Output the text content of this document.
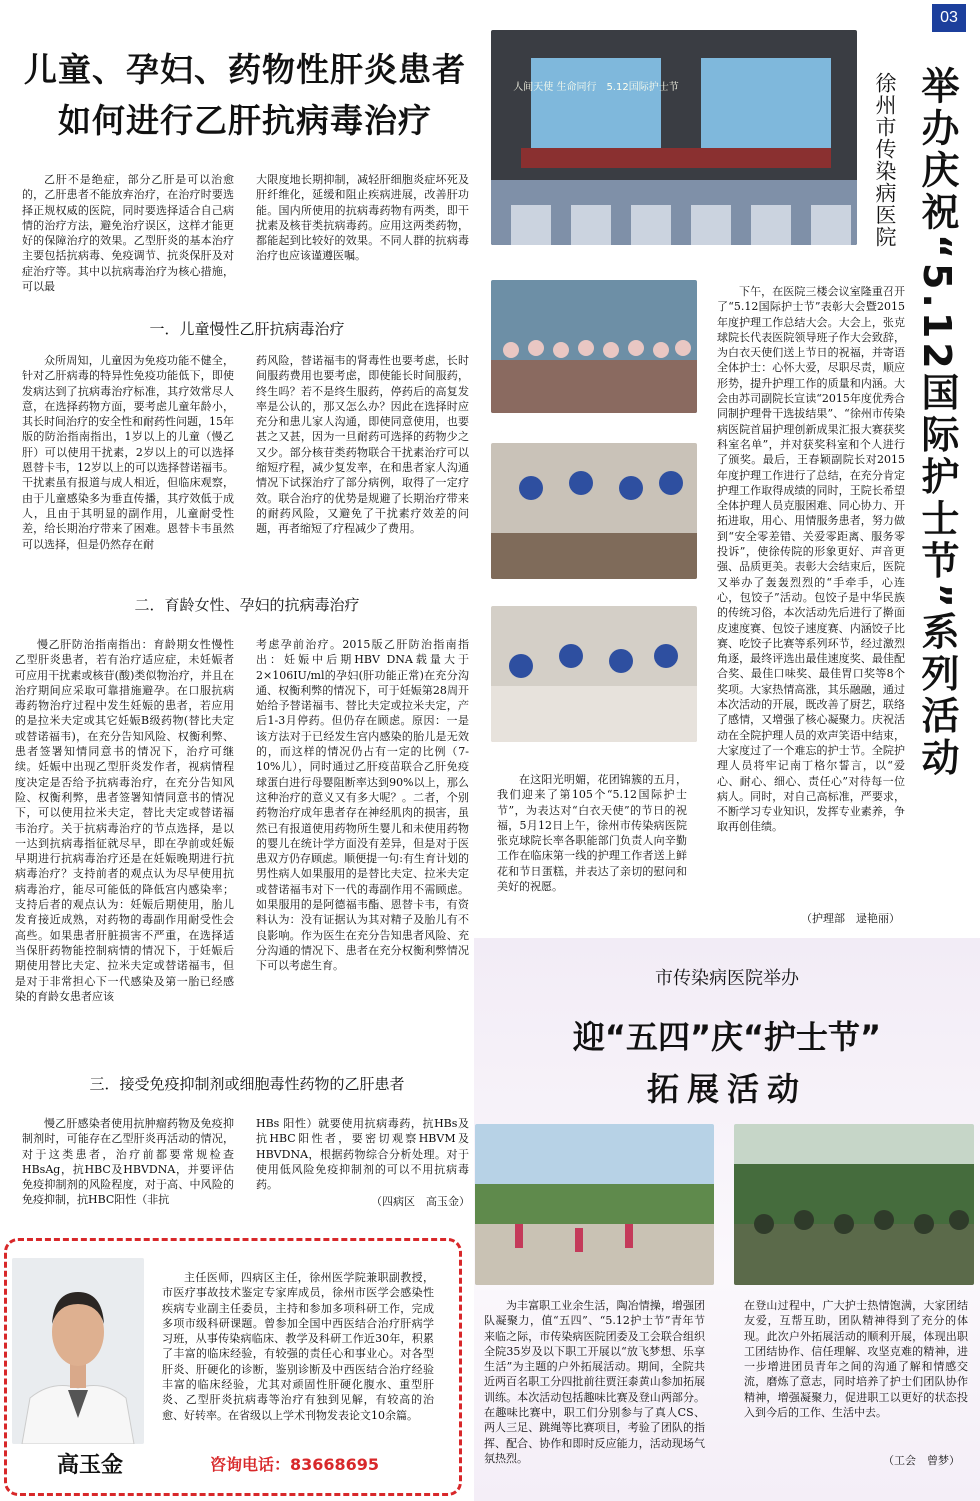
03
儿童、孕妇、药物性肝炎患者
如何进行乙肝抗病毒治疗
乙肝不是绝症，部分乙肝是可以治愈的，乙肝患者不能放弃治疗，在治疗时要选择正规权威的医院，同时要选择适合自己病情的治疗方法，避免治疗误区，这样才能更好的保障治疗的效果。乙型肝炎的基本治疗主要包括抗病毒、免疫调节、抗炎保肝及对症治疗等。其中以抗病毒治疗为核心措施，可以最
大限度地长期抑制，减轻肝细胞炎症坏死及肝纤维化，延缓和阻止疾病进展，改善肝功能。国内所使用的抗病毒药物有两类，即干扰素及核苷类抗病毒药。应用这两类药物，都能起到比较好的效果。不同人群的抗病毒治疗也应该谨遵医嘱。
一．儿童慢性乙肝抗病毒治疗
众所周知，儿童因为免疫功能不健全，针对乙肝病毒的特异性免疫功能低下，即使发病达到了抗病毒治疗标准，其疗效常尽人意，在选择药物方面，要考虑儿童年龄小，其长时间治疗的安全性和耐药性问题，15年版的防治指南指出，1岁以上的儿童（慢乙肝）可以使用干扰素，2岁以上的可以选择恩替卡韦，12岁以上的可以选择替诺福韦。干扰素虽有报道与成人相近，但临床观察，由于儿童感染多为垂直传播，其疗效低于成人，且由于其明显的副作用，儿童耐受性差，给长期治疗带来了困难。恩替卡韦虽然可以选择，但是仍然存在耐
药风险，替诺福韦的肾毒性也要考虑，长时间服药费用也要考虑，即使能长时间服药，终生吗？若不是终生服药，停药后的高复发率是公认的，那又怎么办？因此在选择时应充分和患儿家人沟通，即使同意使用，也要甚之又甚，因为一旦耐药可选择的药物少之又少。部分核苷类药物联合干扰素治疗可以缩短疗程，减少复发率，在和患者家人沟通情况下试探治疗了部分病例，取得了一定疗效。联合治疗的优势是规避了长期治疗带来的耐药风险，又避免了干扰素疗效差的问题，再者缩短了疗程减少了费用。
二．育龄女性、孕妇的抗病毒治疗
慢乙肝防治指南指出：育龄期女性慢性乙型肝炎患者，若有治疗适应症，未妊娠者可应用干扰素或核苷(酸)类似物治疗，并且在治疗期间应采取可靠措施避孕。在口服抗病毒药物治疗过程中发生妊娠的患者，若应用的是拉米夫定或其它妊娠B级药物(替比夫定或替诺福韦)，在充分告知风险、权衡利弊、患者签署知情同意书的情况下，治疗可继续。妊娠中出现乙型肝炎发作者，视病情程度决定是否给予抗病毒治疗，在充分告知风险、权衡利弊，患者签署知情同意书的情况下，可以使用拉米夫定，替比夫定或替诺福韦治疗。关于抗病毒治疗的节点选择，是以一达到抗病毒指征就尽早，即在孕前或妊娠早期进行抗病毒治疗还是在妊娠晚期进行抗病毒治疗？支持前者的观点认为尽早使用抗病毒治疗，能尽可能低的降低宫内感染率；支持后者的观点认为：妊娠后期使用，胎儿发育接近成熟，对药物的毒副作用耐受性会高些。如果患者肝脏损害不严重，在选择适当保肝药物能控制病情的情况下，于妊娠后期使用替比夫定、拉米夫定或替诺福韦，但是对于非常担心下一代感染及第一胎已经感染的育龄女患者应该
考虑孕前治疗。2015版乙肝防治指南指出：妊娠中后期HBV DNA载量大于2×106IU/ml的孕妇(肝功能正常)在充分沟通、权衡利弊的情况下，可于妊娠第28周开始给予替诺福韦、替比夫定或拉米夫定，产后1-3月停药。但仍存在顾虑。原因：一是该方法对于已经发生宫内感染的胎儿是无效的，而这样的情况仍占有一定的比例（7-10%儿），同时通过乙肝疫苗联合乙肝免疫球蛋白进行母婴阻断率达到90%以上，那么这种治疗的意义又有多大呢？。二者，个别药物治疗成年患者存在神经肌肉的损害，虽然已有报道使用药物所生婴儿和未使用药物的婴儿在统计学方面没有差异，但是对于医患双方仍存顾虑。顺便提一句:有生育计划的男性病人如果服用的是替比夫定、拉米夫定或替诺福韦对下一代的毒副作用不需顾虑。如果服用的是阿德福韦酯、恩替卡韦，有资料认为：没有证据认为其对精子及胎儿有不良影响。作为医生在充分告知患者风险、充分沟通的情况下、患者在充分权衡利弊情况下可以考虑生育。
三．接受免疫抑制剂或细胞毒性药物的乙肝患者
慢乙肝感染者使用抗肿瘤药物及免疫抑制剂时，可能存在乙型肝炎再活动的情况，对于这类患者，治疗前都要常规检查HBsAg，抗HBC及HBVDNA，并要评估免疫抑制剂的风险程度，对于高、中风险的免疫抑制，抗HBC阳性（非抗
HBs 阳性）就要使用抗病毒药，抗HBs及抗HBC阳性者，要密切观察HBVM及HBVDNA，根据药物综合分析处理。对于使用低风险免疫抑制剂的可以不用抗病毒药。
（四病区　高玉金）
高玉金
主任医师，四病区主任，徐州医学院兼职副教授，市医疗事故技术鉴定专家库成员，徐州市医学会感染性疾病专业副主任委员，主持和参加多项科研工作，完成多项市级科研课题。曾参加全国中西医结合治疗肝病学习班，从事传染病临床、教学及科研工作近30年，积累了丰富的临床经验，有较强的责任心和事业心。对各型肝炎、肝硬化的诊断，鉴别诊断及中西医结合治疗经验丰富的临床经验，尤其对顽固性肝硬化腹水、重型肝炎、乙型肝炎抗病毒等治疗有独到见解，有较高的治愈、好转率。在省级以上学术刊物发表论文10余篇。
咨询电话：83668695
人间天使 生命同行　5.12国际护士节	举办庆祝“5.12国际护士节”系列活动
徐州市传染病医院
下午，在医院三楼会议室隆重召开了“5.12国际护士节”表彰大会暨2015年度护理工作总结大会。大会上，张克球院长代表医院领导班子作大会致辞，为白衣天使们送上节日的祝福，并寄语全体护士：心怀大爱，尽职尽责，顺应形势，提升护理工作的质量和内涵。大会由苏司副院长宣读“2015年度优秀合同制护理骨干选拔结果”、“徐州市传染病医院首届护理创新成果汇报大赛获奖科室名单”，并对获奖科室和个人进行了颁奖。最后，王春颖副院长对2015年度护理工作进行了总结，在充分肯定护理工作取得成绩的同时，王院长希望全体护理人员克服困难、同心协力、开拓进取，用心、用情服务患者，努力做到“安全零差错、关爱零距离、服务零投诉”，使徐传院的形象更好、声音更强、品质更美。表彰大会结束后，医院又举办了轰轰烈烈的“手牵手，心连心，包饺子”活动。包饺子是中华民族的传统习俗，本次活动先后进行了擀面皮速度赛、包饺子速度赛、内涵饺子比赛、吃饺子比赛等系列环节，经过激烈角逐，最终评选出最佳速度奖、最佳配合奖、最佳口味奖、最佳胃口奖等8个奖项。大家热情高涨，其乐融融，通过本次活动的开展，既改善了厨艺，联络了感情，又增强了核心凝聚力。庆祝活动在全院护理人员的欢声笑语中结束，大家度过了一个难忘的护士节。全院护理人员将牢记南丁格尔誓言，以“爱心、耐心、细心、责任心”对待每一位病人。同时，对自己高标准，严要求，不断学习专业知识，发挥专业素养，争取再创佳绩。
（护理部　逯艳丽）
在这阳光明媚，花团锦簇的五月，我们迎来了第105个“5.12国际护士节”，为表达对“白衣天使”的节日的祝福，5月12日上午，徐州市传染病医院张克球院长率各职能部门负责人向辛勤工作在临床第一线的护理工作者送上鲜花和节日蛋糕，并表达了亲切的慰问和美好的祝愿。
市传染病医院举办
迎“五四”庆“护士节”
拓展活动
为丰富职工业余生活，陶冶情操，增强团队凝聚力，值“五四”、“5.12护士节”青年节来临之际，市传染病医院团委及工会联合组织全院35岁及以下职工开展以“放飞梦想、乐享生活”为主题的户外拓展活动。期间，全院共近两百名职工分四批前往贾汪桼黄山参加拓展训练。本次活动包括趣味比赛及登山两部分。在趣味比赛中，职工们分别参与了真人CS、两人三足、跳绳等比赛项目，考验了团队的指挥、配合、协作和即时反应能力，活动现场气氛热烈。
在登山过程中，广大护士热情饱满，大家团结友爱，互帮互助，团队精神得到了充分的体现。此次户外拓展活动的顺利开展，体现出职工团结协作、信任理解、攻坚克难的精神，进一步增进团员青年之间的沟通了解和情感交流，磨炼了意志，同时培养了护士们团队协作精神，增强凝聚力，促进职工以更好的状态投入到今后的工作、生活中去。
（工会　曾梦）
